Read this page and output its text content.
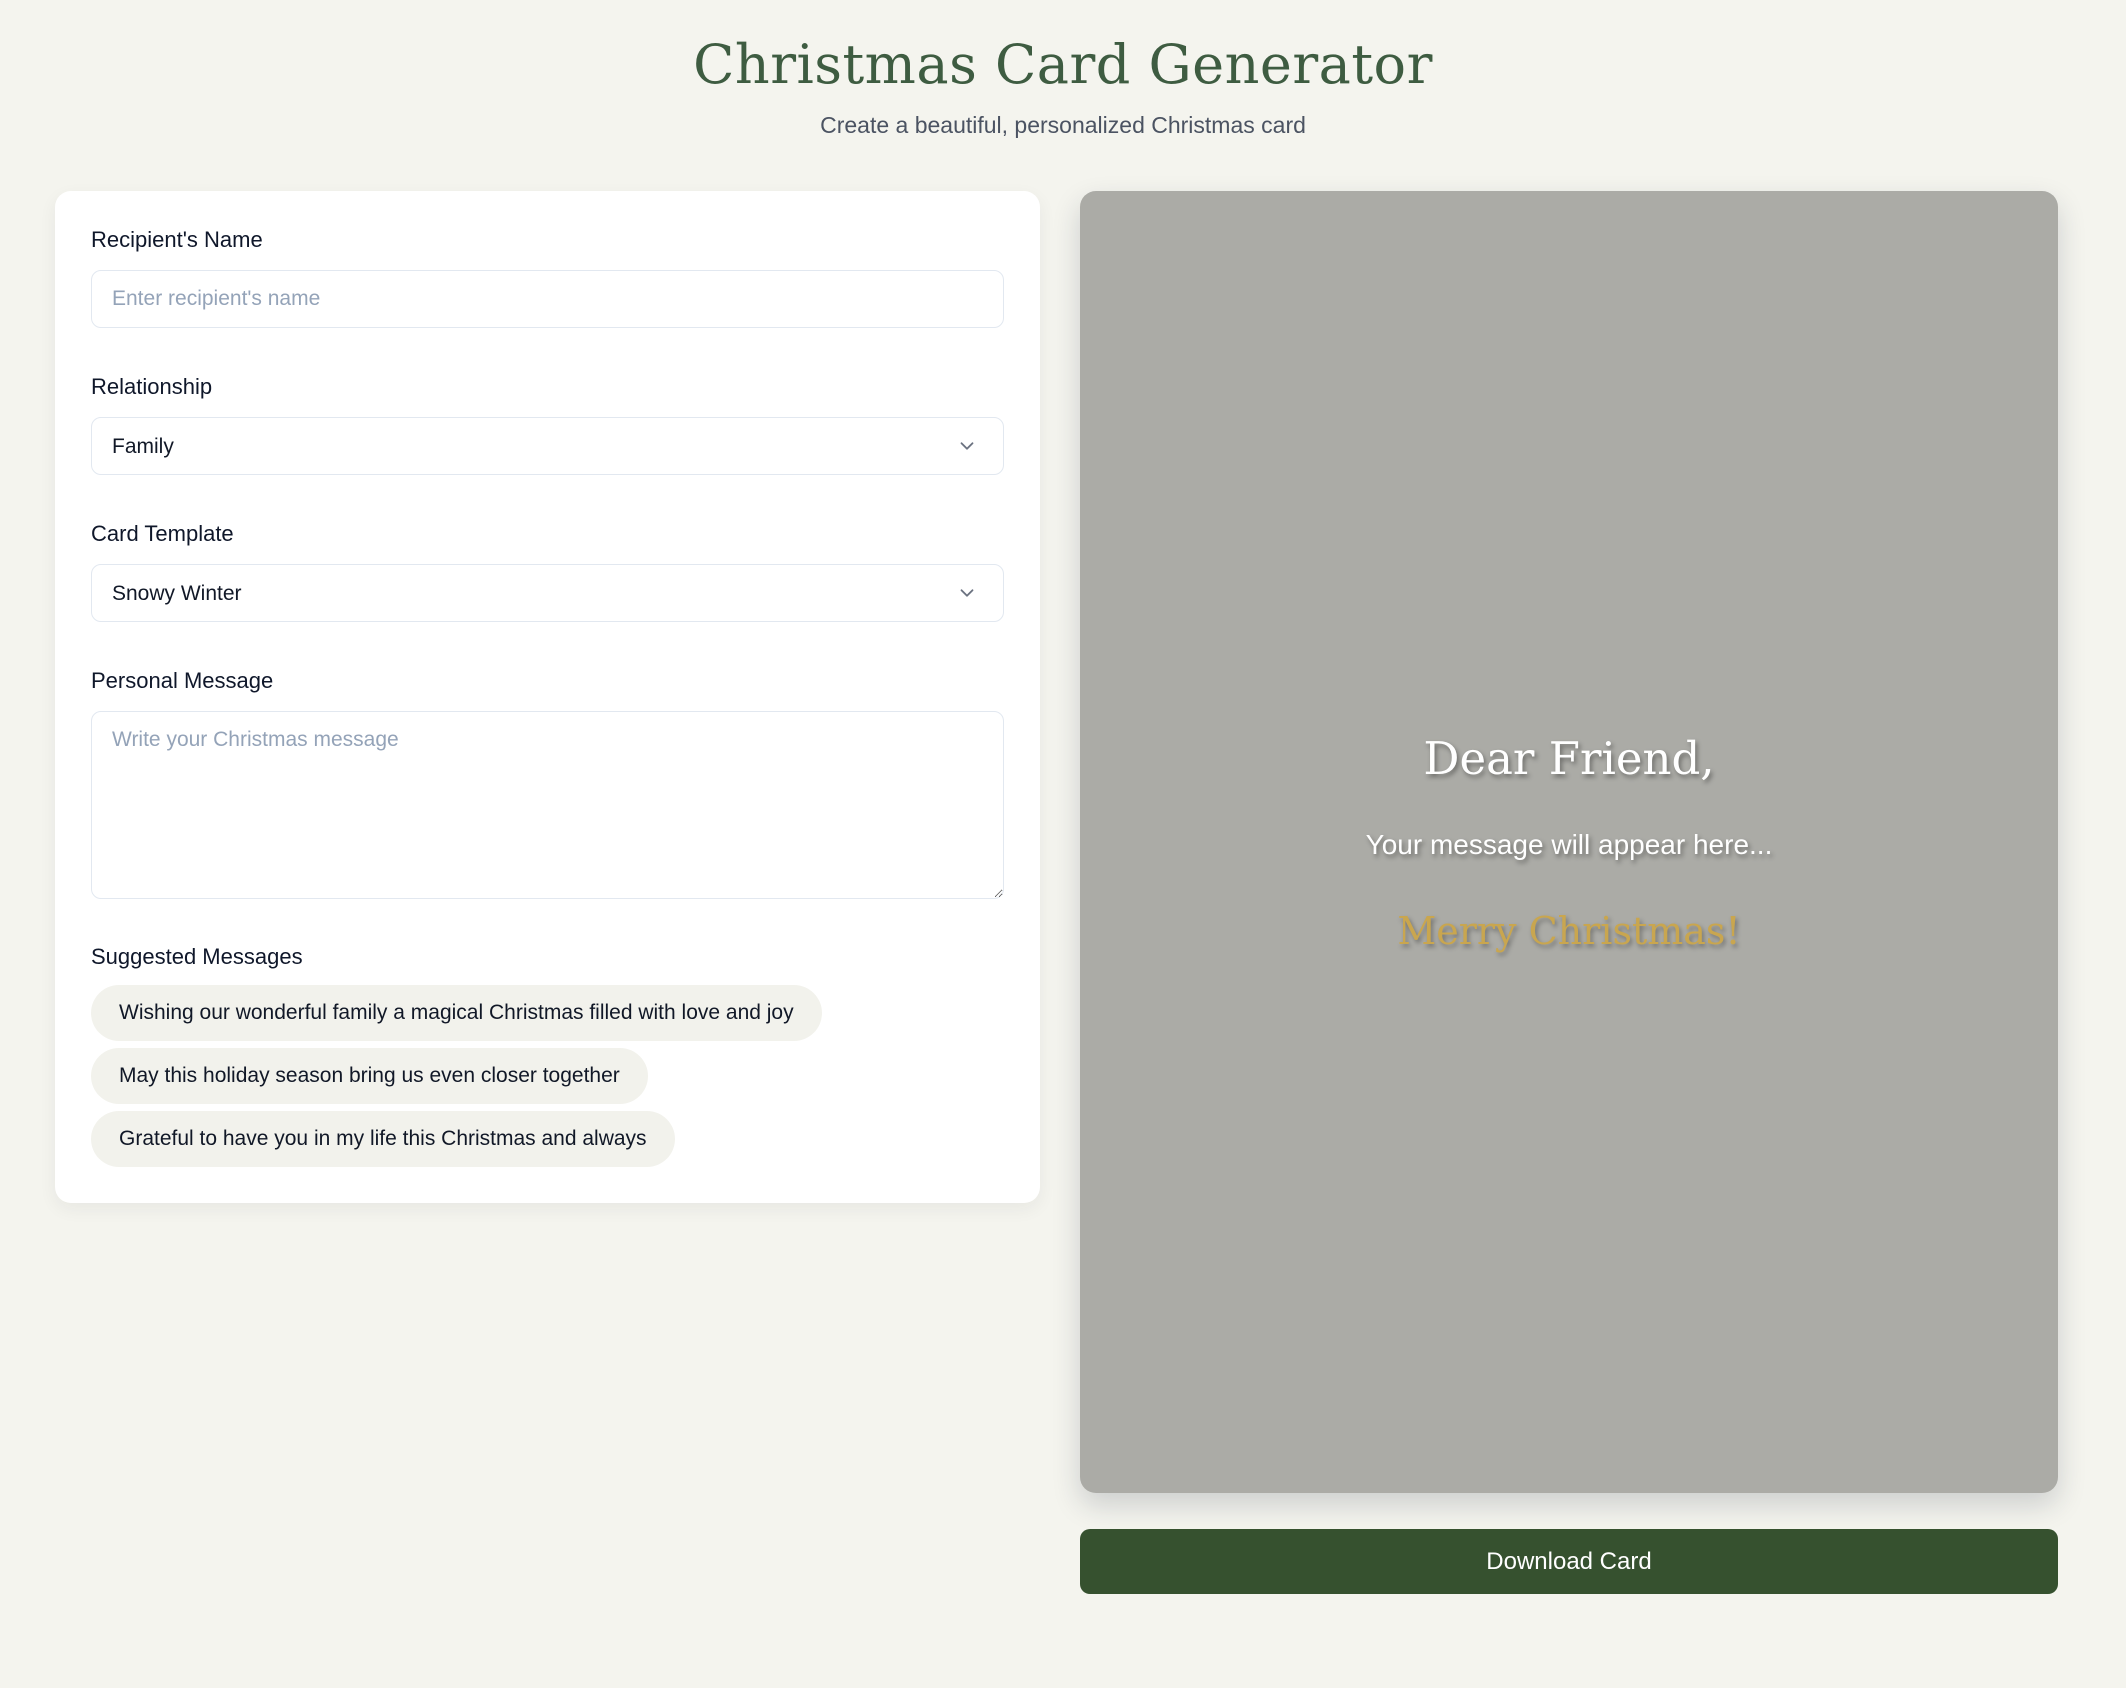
Christmas Card Generator
Create a beautiful, personalized Christmas card
Recipient's Name
Enter recipient's name
Relationship
Family
Card Template
Snowy Winter
Personal Message
Write your Christmas message
Suggested Messages
Wishing our wonderful family a magical Christmas filled with love and joy
May this holiday season bring us even closer together
Grateful to have you in my life this Christmas and always
Dear Friend,
Your message will appear here...
Merry Christmas!
Download Card
